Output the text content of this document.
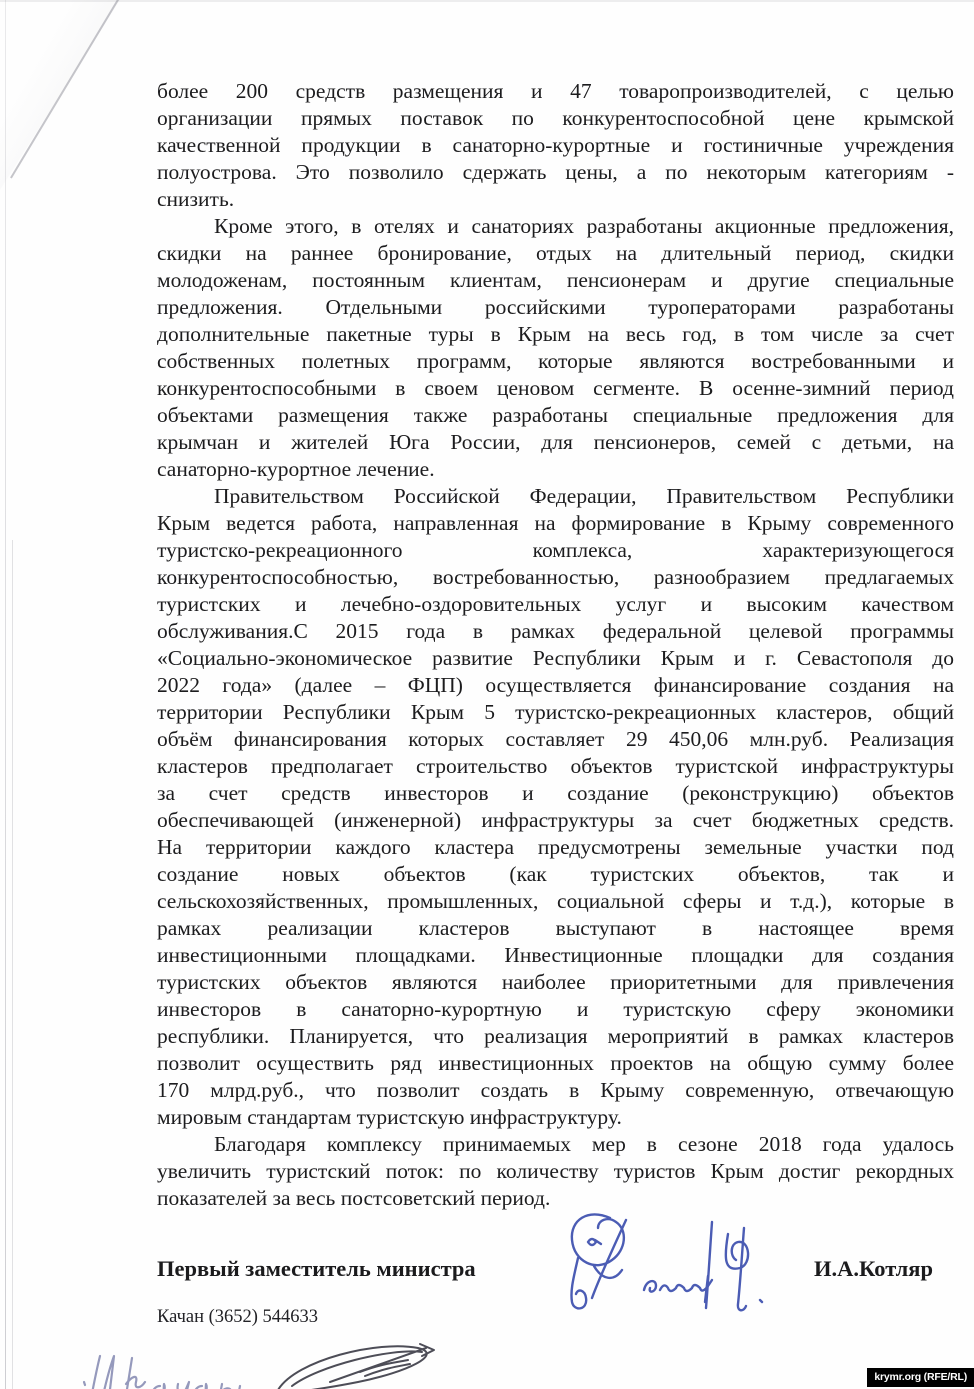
более 200 средств размещения и 47 товаропроизводителей, с целью
организации прямых поставок по конкурентоспособной цене крымской
качественной продукции в санаторно-курортные и гостиничные учреждения
полуострова. Это позволило сдержать цены, а по некоторым категориям -
снизить.
Кроме этого, в отелях и санаториях разработаны акционные предложения,
скидки на раннее бронирование, отдых на длительный период, скидки
молодоженам, постоянным клиентам, пенсионерам и другие специальные
предложения. Отдельными российскими туроператорами разработаны
дополнительные пакетные туры в Крым на весь год, в том числе за счет
собственных полетных программ, которые являются востребованными и
конкурентоспособными в своем ценовом сегменте. В осенне-зимний период
объектами размещения также разработаны специальные предложения для
крымчан и жителей Юга России, для пенсионеров, семей с детьми, на
санаторно-курортное лечение.
Правительством Российской Федерации, Правительством Республики
Крым ведется работа, направленная на формирование в Крыму современного
туристско-рекреационного комплекса, характеризующегося
конкурентоспособностью, востребованностью, разнообразием предлагаемых
туристских и лечебно-оздоровительных услуг и высоким качеством
обслуживания.С 2015 года в рамках федеральной целевой программы
«Социально-экономическое развитие Республики Крым и г. Севастополя до
2022 года» (далее – ФЦП) осуществляется финансирование создания на
территории Республики Крым 5 туристско-рекреационных кластеров, общий
объём финансирования которых составляет 29 450,06 млн.руб. Реализация
кластеров предполагает строительство объектов туристской инфраструктуры
за счет средств инвесторов и создание (реконструкцию) объектов
обеспечивающей (инженерной) инфраструктуры за счет бюджетных средств.
На территории каждого кластера предусмотрены земельные участки под
создание новых объектов (как туристских объектов, так и
сельскохозяйственных, промышленных, социальной сферы и т.д.), которые в
рамках реализации кластеров выступают в настоящее время
инвестиционными площадками. Инвестиционные площадки для создания
туристских объектов являются наиболее приоритетными для привлечения
инвесторов в санаторно-курортную и туристскую сферу экономики
республики. Планируется, что реализация мероприятий в рамках кластеров
позволит осуществить ряд инвестиционных проектов на общую сумму более
170 млрд.руб., что позволит создать в Крыму современную, отвечающую
мировым стандартам туристскую инфраструктуру.
Благодаря комплексу принимаемых мер в сезоне 2018 года удалось
увеличить туристский поток: по количеству туристов Крым достиг рекордных
показателей за весь постсоветский период.
Первый заместитель министра	И.А.Котляр
Качан (3652) 544633
krymr.org (RFE/RL)
